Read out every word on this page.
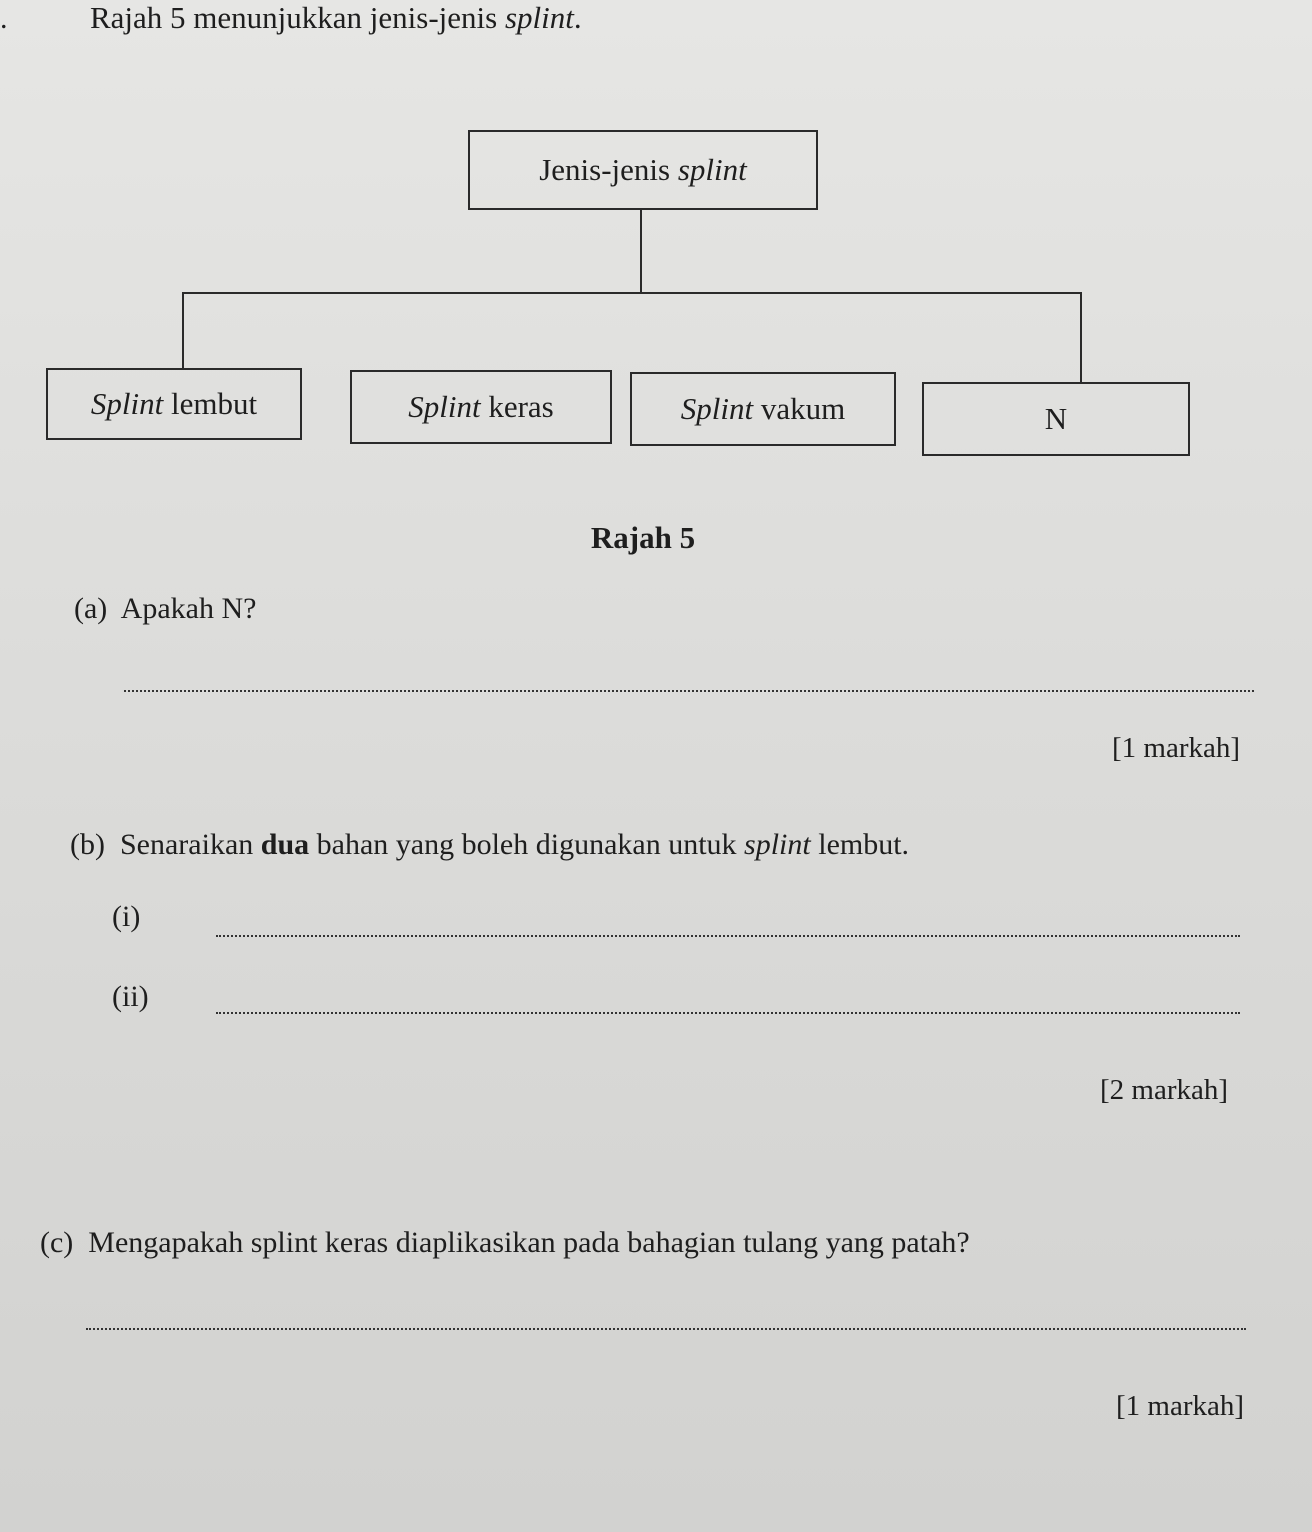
.	Rajah 5 menunjukkan jenis-jenis splint.
Jenis-jenis splint
Splint lembut	Splint keras	Splint vakum	N
Rajah 5
(a) Apakah N?
[1 markah]
(b) Senaraikan dua bahan yang boleh digunakan untuk splint lembut.
(i)
(ii)
[2 markah]
(c) Mengapakah splint keras diaplikasikan pada bahagian tulang yang patah?
[1 markah]
